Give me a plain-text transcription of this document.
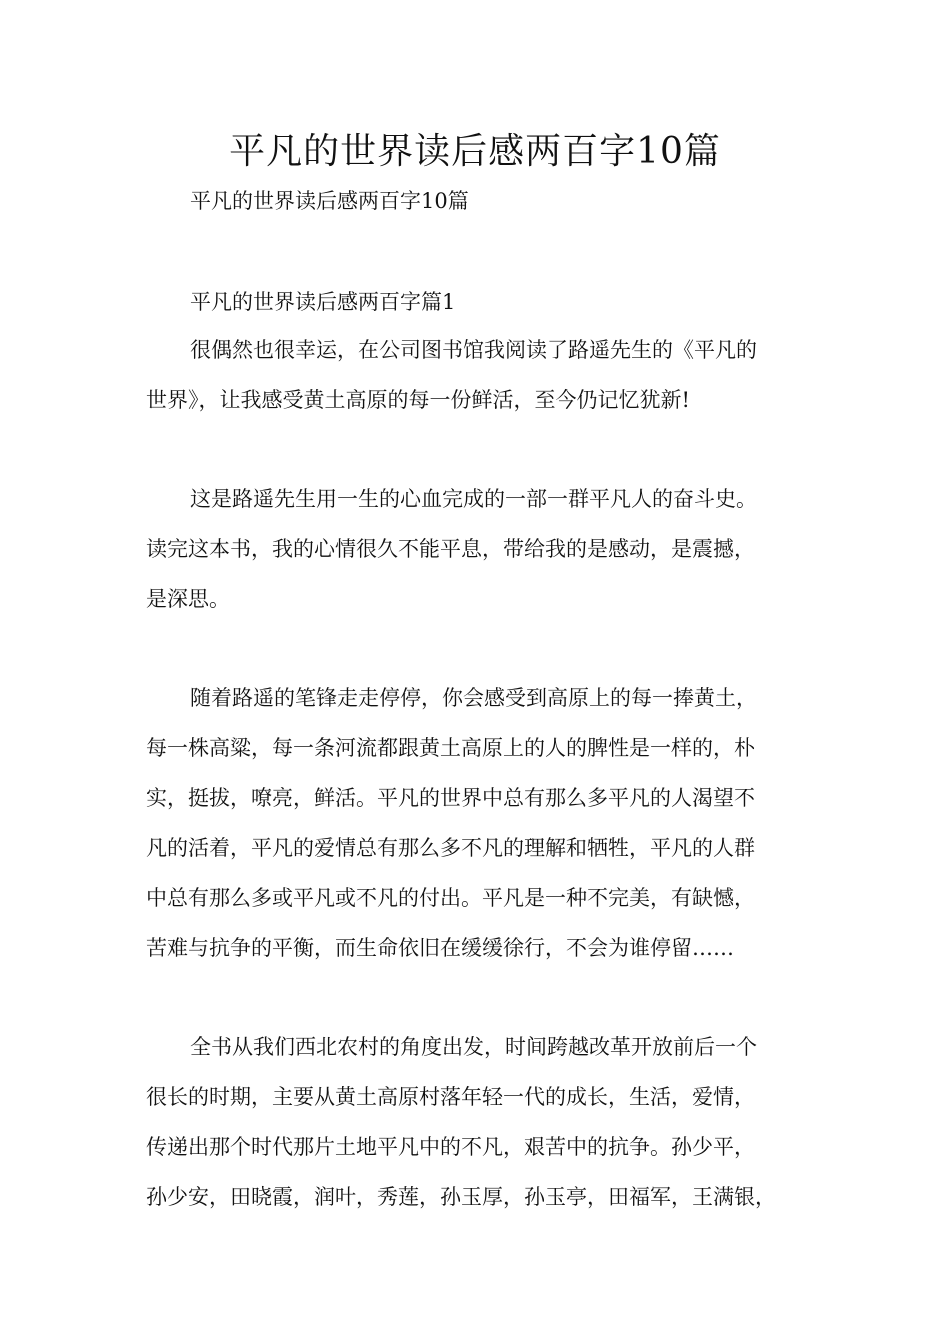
平凡的世界读后感两百字10篇

平凡的世界读后感两百字10篇

平凡的世界读后感两百字篇1

很偶然也很幸运，在公司图书馆我阅读了路遥先生的《平凡的

世界》，让我感受黄土高原的每一份鲜活，至今仍记忆犹新!

这是路遥先生用一生的心血完成的一部一群平凡人的奋斗史。

读完这本书，我的心情很久不能平息，带给我的是感动，是震撼，

是深思。

随着路遥的笔锋走走停停，你会感受到高原上的每一捧黄土，

每一株高粱，每一条河流都跟黄土高原上的人的脾性是一样的，朴

实，挺拔，嘹亮，鲜活。平凡的世界中总有那么多平凡的人渴望不

凡的活着，平凡的爱情总有那么多不凡的理解和牺牲，平凡的人群

中总有那么多或平凡或不凡的付出。平凡是一种不完美，有缺憾，

苦难与抗争的平衡，而生命依旧在缓缓徐行，不会为谁停留……

全书从我们西北农村的角度出发，时间跨越改革开放前后一个

很长的时期，主要从黄土高原村落年轻一代的成长，生活，爱情，

传递出那个时代那片土地平凡中的不凡，艰苦中的抗争。孙少平，

孙少安，田晓霞，润叶，秀莲，孙玉厚，孙玉亭，田福军，王满银，
